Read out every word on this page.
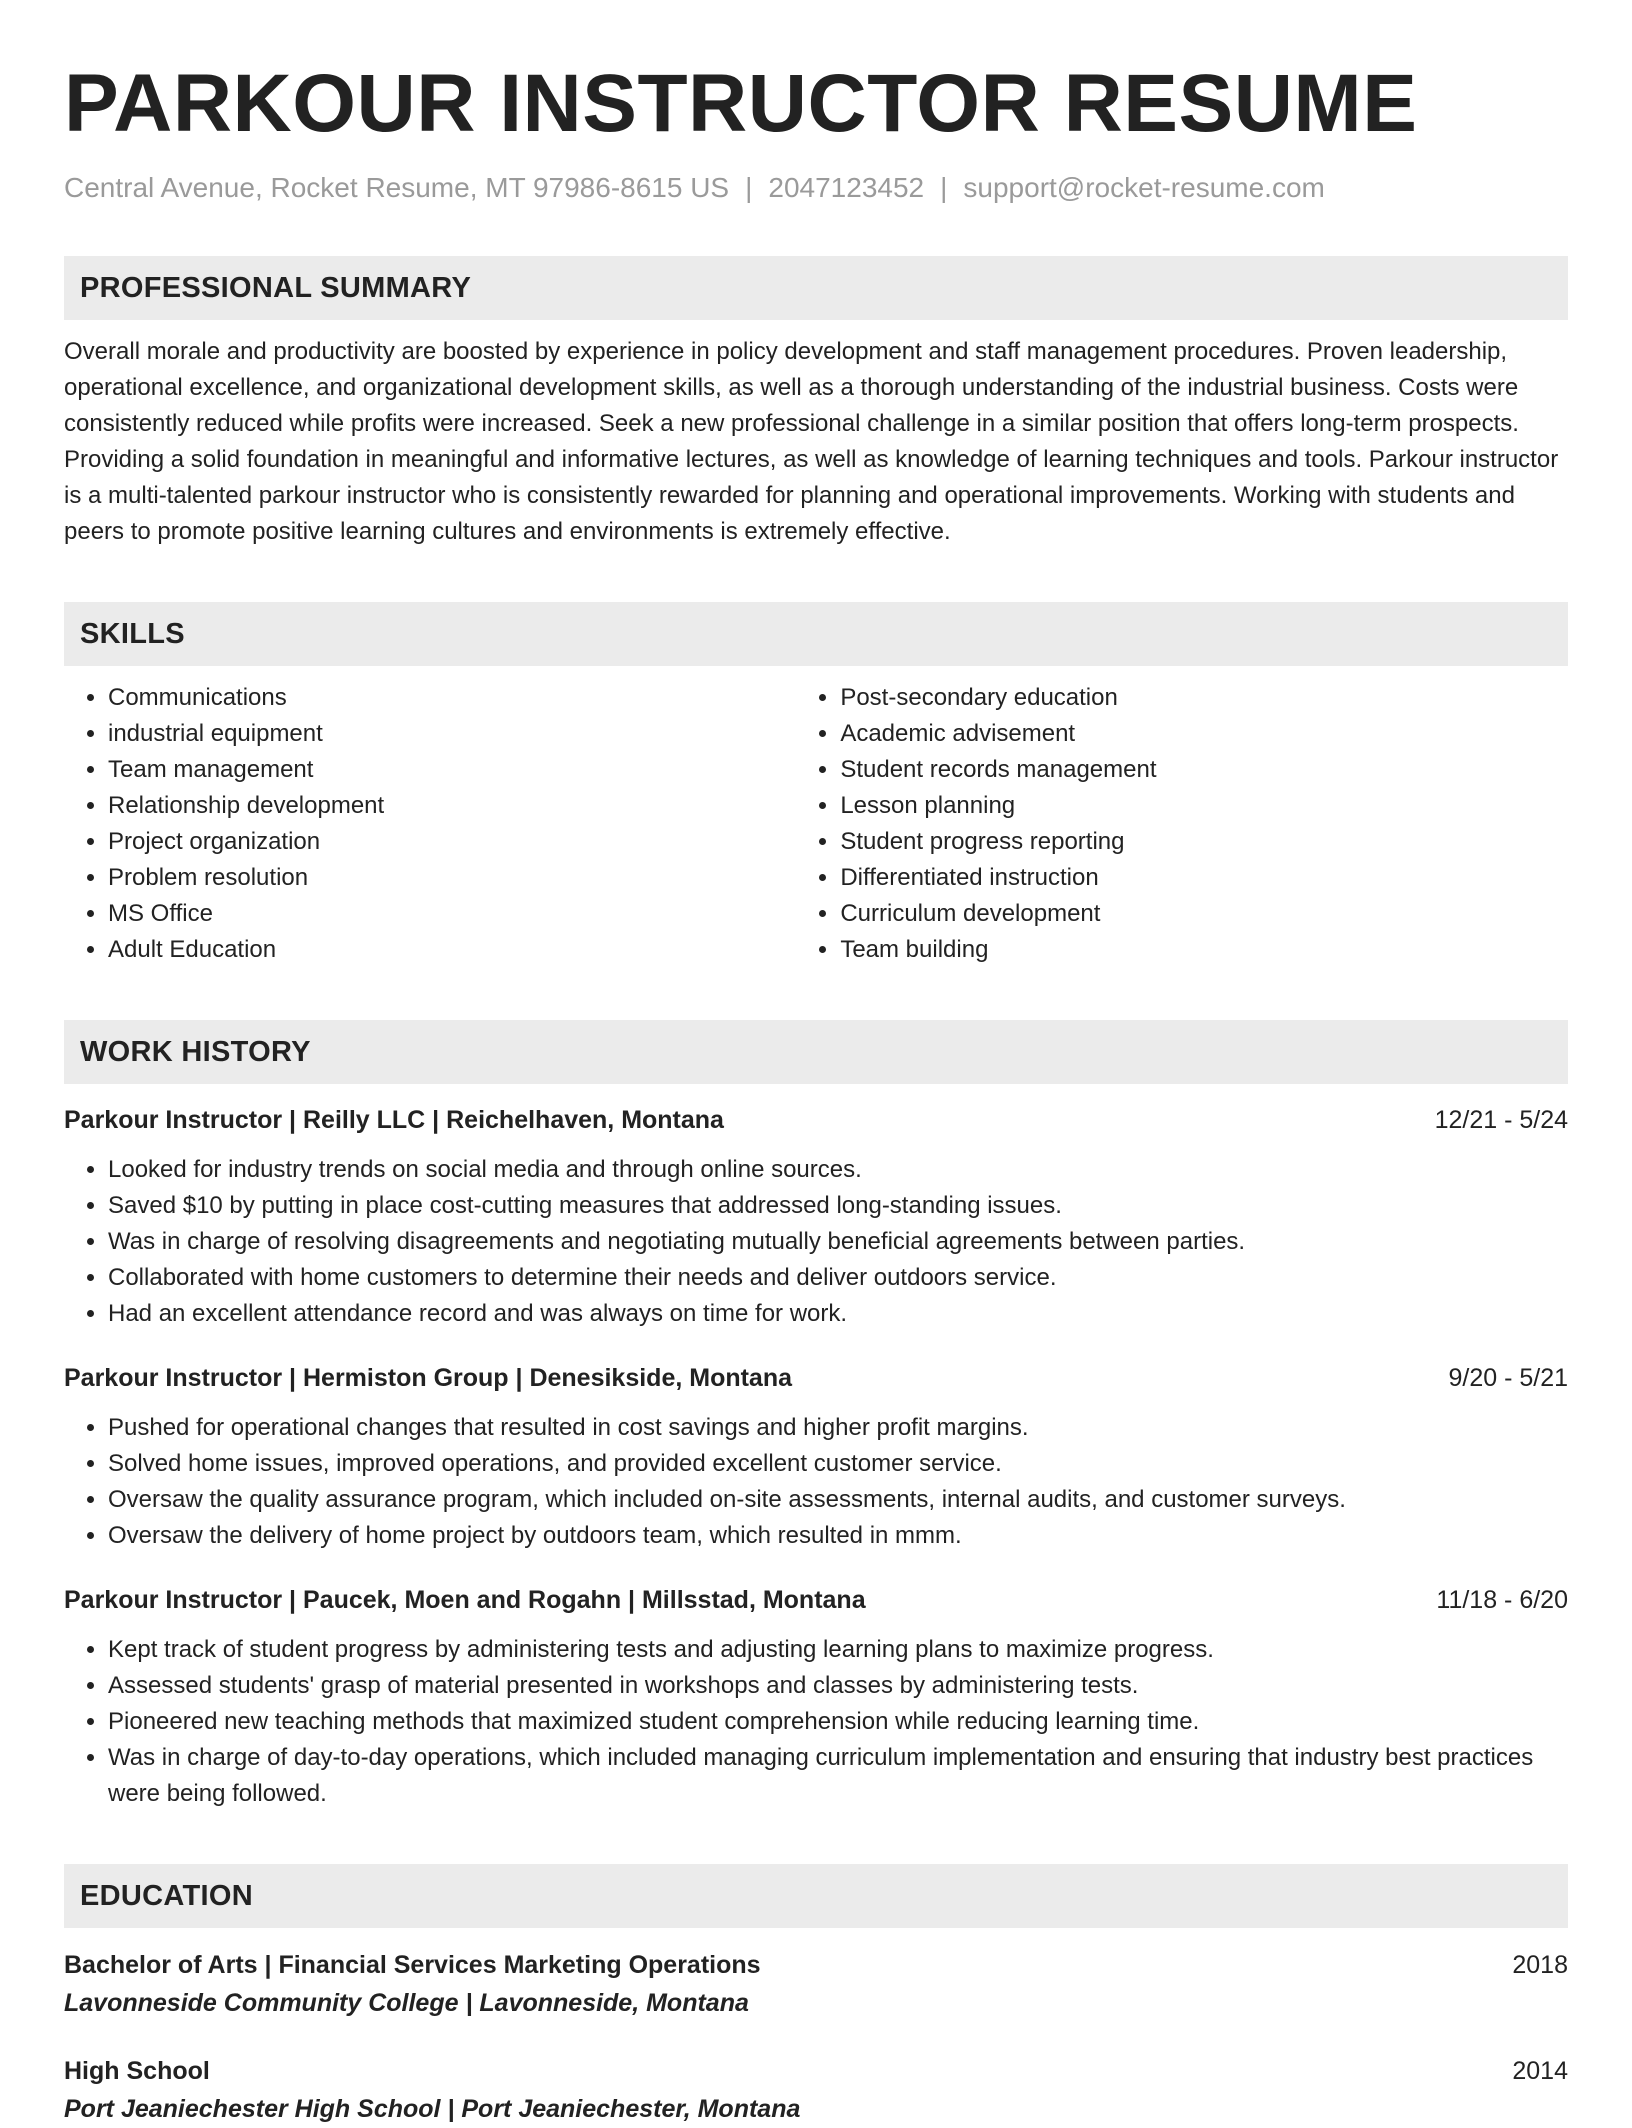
PARKOUR INSTRUCTOR RESUME
Central Avenue, Rocket Resume, MT 97986-8615 US | 2047123452 | support@rocket-resume.com
PROFESSIONAL SUMMARY

Overall morale and productivity are boosted by experience in policy development and staff management procedures. Proven leadership, operational excellence, and organizational development skills, as well as a thorough understanding of the industrial business. Costs were consistently reduced while profits were increased. Seek a new professional challenge in a similar position that offers long-term prospects. Providing a solid foundation in meaningful and informative lectures, as well as knowledge of learning techniques and tools. Parkour instructor is a multi-talented parkour instructor who is consistently rewarded for planning and operational improvements. Working with students and peers to promote positive learning cultures and environments is extremely effective.

SKILLS
• Communications
• industrial equipment
• Team management
• Relationship development
• Project organization
• Problem resolution
• MS Office
• Adult Education
• Post-secondary education
• Academic advisement
• Student records management
• Lesson planning
• Student progress reporting
• Differentiated instruction
• Curriculum development
• Team building
WORK HISTORY
Parkour Instructor | Reilly LLC | Reichelhaven, Montana	12/21 - 5/24
• Looked for industry trends on social media and through online sources.
• Saved $10 by putting in place cost-cutting measures that addressed long-standing issues.
• Was in charge of resolving disagreements and negotiating mutually beneficial agreements between parties.
• Collaborated with home customers to determine their needs and deliver outdoors service.
• Had an excellent attendance record and was always on time for work.
Parkour Instructor | Hermiston Group | Denesikside, Montana	9/20 - 5/21
• Pushed for operational changes that resulted in cost savings and higher profit margins.
• Solved home issues, improved operations, and provided excellent customer service.
• Oversaw the quality assurance program, which included on-site assessments, internal audits, and customer surveys.
• Oversaw the delivery of home project by outdoors team, which resulted in mmm.
Parkour Instructor | Paucek, Moen and Rogahn | Millsstad, Montana	11/18 - 6/20
• Kept track of student progress by administering tests and adjusting learning plans to maximize progress.
• Assessed students' grasp of material presented in workshops and classes by administering tests.
• Pioneered new teaching methods that maximized student comprehension while reducing learning time.
• Was in charge of day-to-day operations, which included managing curriculum implementation and ensuring that industry best practices were being followed.
EDUCATION
Bachelor of Arts | Financial Services Marketing Operations	2018
Lavonneside Community College | Lavonneside, Montana
High School	2014
Port Jeaniechester High School | Port Jeaniechester, Montana
